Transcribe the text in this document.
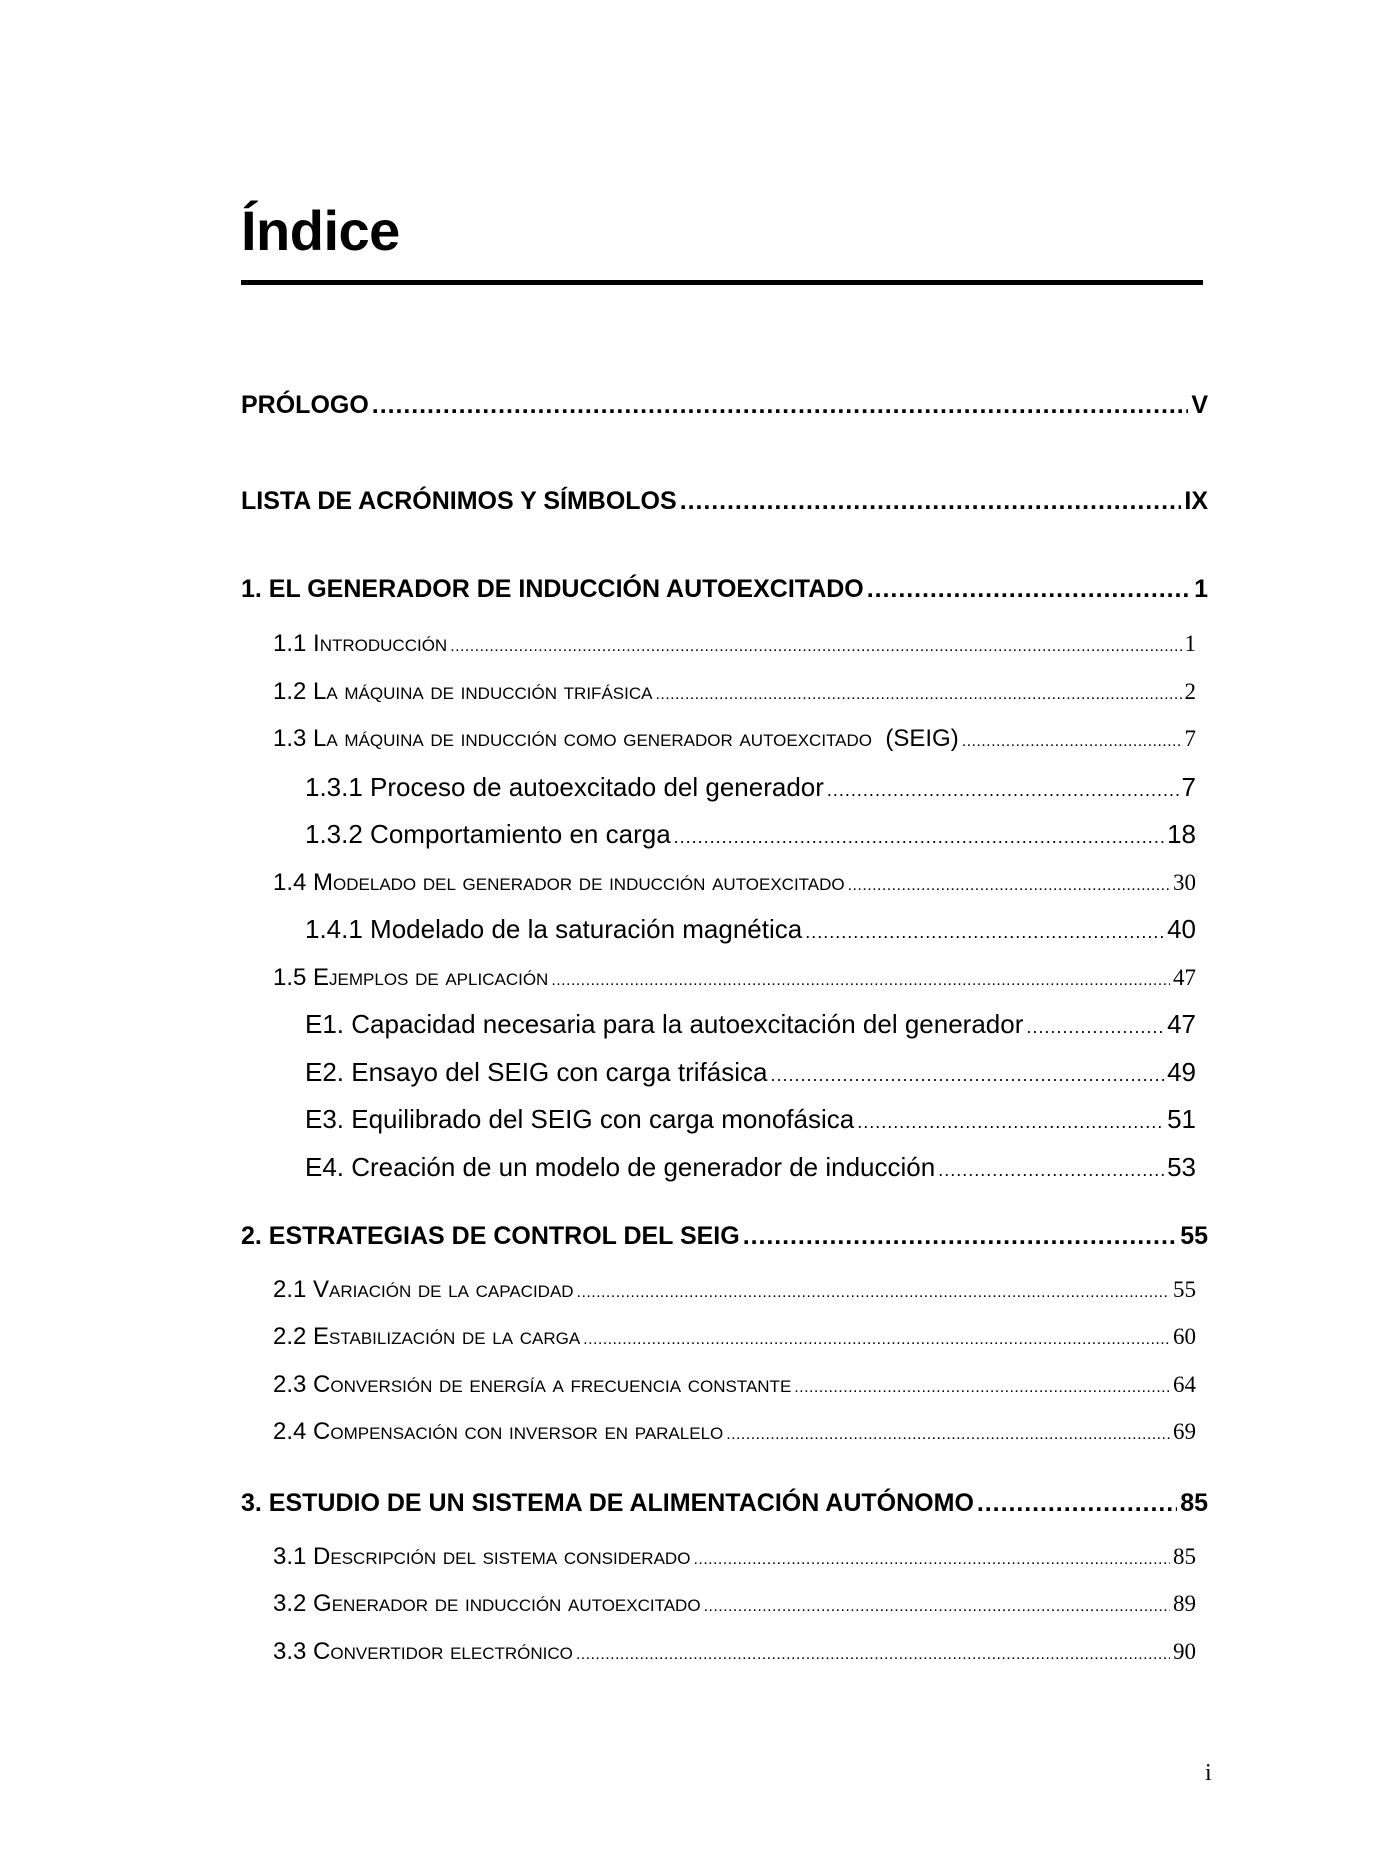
Índice
PRÓLOGO . . .	V
LISTA DE ACRÓNIMOS Y SÍMBOLOS . . .	IX
1. EL GENERADOR DE INDUCCIÓN AUTOEXCITADO . . .	1
1.1 Introducción . . .	1
1.2 La máquina de inducción trifásica . . .	2
1.3 La máquina de inducción como generador autoexcitado (SEIG) . . .	7
1.3.1 Proceso de autoexcitado del generador . . .	7
1.3.2 Comportamiento en carga . . .	18
1.4 Modelado del generador de inducción autoexcitado . . .	30
1.4.1 Modelado de la saturación magnética . . .	40
1.5 Ejemplos de aplicación . . .	47
E1. Capacidad necesaria para la autoexcitación del generador . . .	47
E2. Ensayo del SEIG con carga trifásica . . .	49
E3. Equilibrado del SEIG con carga monofásica . . .	51
E4. Creación de un modelo de generador de inducción . . .	53
2. ESTRATEGIAS DE CONTROL DEL SEIG . . .	55
2.1 Variación de la capacidad . . .	55
2.2 Estabilización de la carga . . .	60
2.3 Conversión de energía a frecuencia constante . . .	64
2.4 Compensación con inversor en paralelo . . .	69
3. ESTUDIO DE UN SISTEMA DE ALIMENTACIÓN AUTÓNOMO . . .	85
3.1 Descripción del sistema considerado . . .	85
3.2 Generador de inducción autoexcitado . . .	89
3.3 Convertidor electrónico . . .	90
i
